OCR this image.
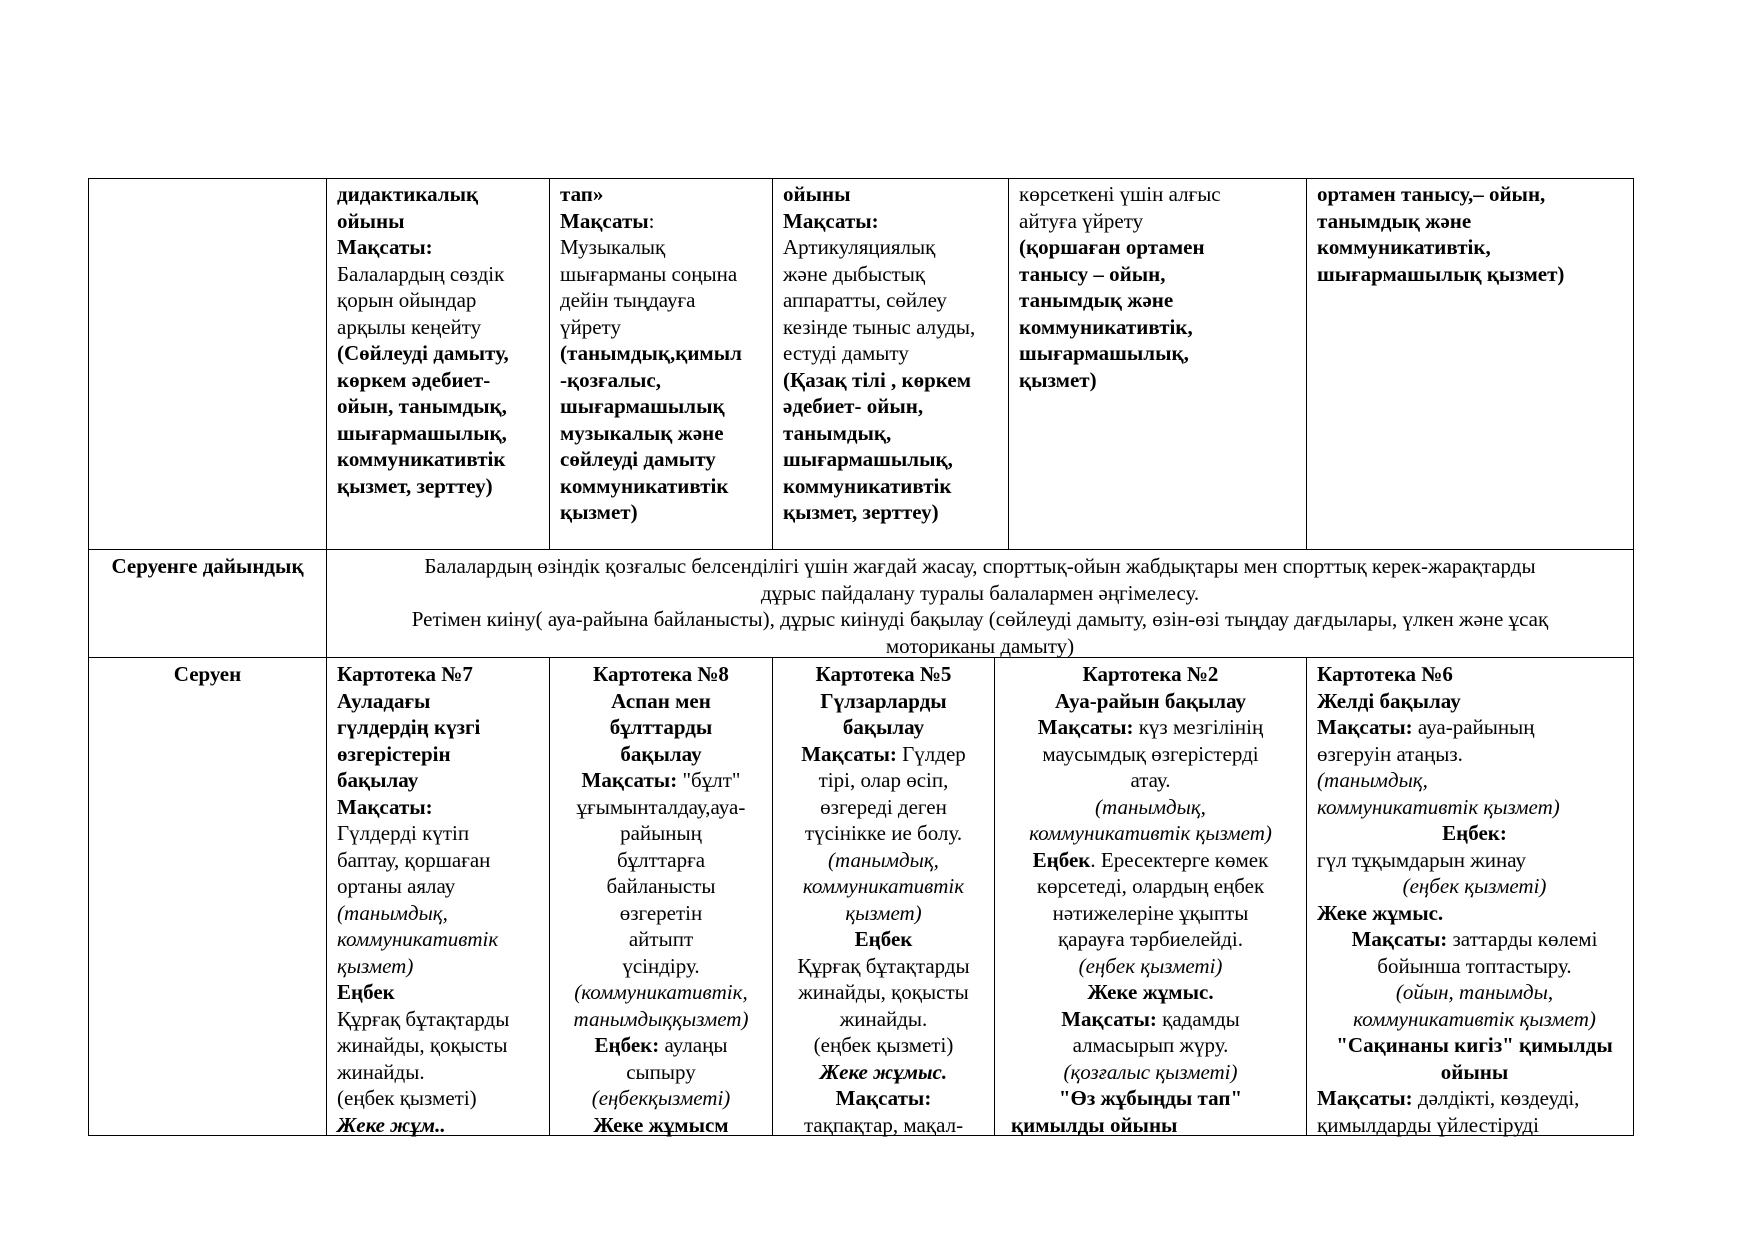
дидактикалық
ойыны
Мақсаты:
Балалардың сөздік
қорын ойындар
арқылы кеңейту
(Сөйлеуді дамыту,
көркем әдебиет-
ойын, танымдық,
шығармашылық,
коммуникативтік
қызмет, зерттеу)
тап»
Мақсаты:
Музыкалық
шығарманы соңына
дейін тыңдауға
үйрету
(танымдық,қимыл
-қозғалыс,
шығармашылық
музыкалық және
сөйлеуді дамыту
коммуникативтік
қызмет)
ойыны
Мақсаты:
Артикуляциялық
және дыбыстық
аппаратты, сөйлеу
кезінде тыныс алуды,
естуді дамыту
(Қазақ тілі , көркем
әдебиет- ойын,
танымдық,
шығармашылық,
коммуникативтік
қызмет, зерттеу)
көрсеткені үшін алғыс
айтуға үйрету
(қоршаған ортамен
танысу – ойын,
танымдық және
коммуникативтік,
шығармашылық,
қызмет)
ортамен танысу,– ойын,
танымдық және
коммуникативтік,
шығармашылық қызмет)
Серуенге дайындық	Балалардың өзіндік қозғалыс белсенділігі үшін жағдай жасау, спорттық-ойын жабдықтары мен спорттық керек-жарақтарды
дұрыс пайдалану туралы балалармен әңгімелесу.
Ретімен киіну( ауа-райына байланысты), дұрыс киінуді бақылау (сөйлеуді дамыту, өзін-өзі тыңдау дағдылары, үлкен және ұсақ
моториканы дамыту)
Серуен	Картотека №7
Ауладағы
гүлдердің күзгі
өзгерістерін
бақылау
Мақсаты:
Гүлдерді күтіп
баптау, қоршаған
ортаны аялау
(танымдық,
коммуникативтік
қызмет)
Еңбек
Құрғақ бұтақтарды
жинайды, қоқысты
жинайды.
(еңбек қызметі)
Жеке жұм..
Картотека №8
Аспан мен
бұлттарды
бақылау
Мақсаты: "бұлт"
ұғымынталдау,ауа-
райының
бұлттарға
байланысты
өзгеретін
айтыпт
үсіндіру.
(коммуникативтік,
танымдыққызмет)
Еңбек: аулаңы
сыпыру
(еңбекқызметі)
Жеке жұмысм
Картотека №5
Гүлзарларды
бақылау
Мақсаты: Гүлдер
тірі, олар өсіп,
өзгереді деген
түсінікке ие болу.
(танымдық,
коммуникативтік
қызмет)
Еңбек
Құрғақ бұтақтарды
жинайды, қоқысты
жинайды.
(еңбек қызметі)
Жеке жұмыс.
Мақсаты:
тақпақтар, мақал-
Картотека №2
Ауа-райын бақылау
Мақсаты: күз мезгілінің
маусымдық өзгерістерді
атау.
(танымдық,
коммуникативтік қызмет)
Еңбек. Ересектерге көмек
көрсетеді, олардың еңбек
нәтижелеріне ұқыпты
қарауға тәрбиелейді.
(еңбек қызметі)
Жеке жұмыс.
Мақсаты: қадамды
алмасырып жүру.
(қозғалыс қызметі)
"Өз жұбыңды тап"
қимылды ойыны
Картотека №6
Желді бақылау
Мақсаты: ауа-райының
өзгеруін атаңыз.
(танымдық,
коммуникативтік қызмет)
Еңбек:
гүл тұқымдарын жинау
(еңбек қызметі)
Жеке жұмыс.
Мақсаты: заттарды көлемі
бойынша топтастыру.
(ойын, танымды,
коммуникативтік қызмет)
"Сақинаны кигіз" қимылды
ойыны
Мақсаты: дәлдікті, көздеуді,
қимылдарды үйлестіруді
